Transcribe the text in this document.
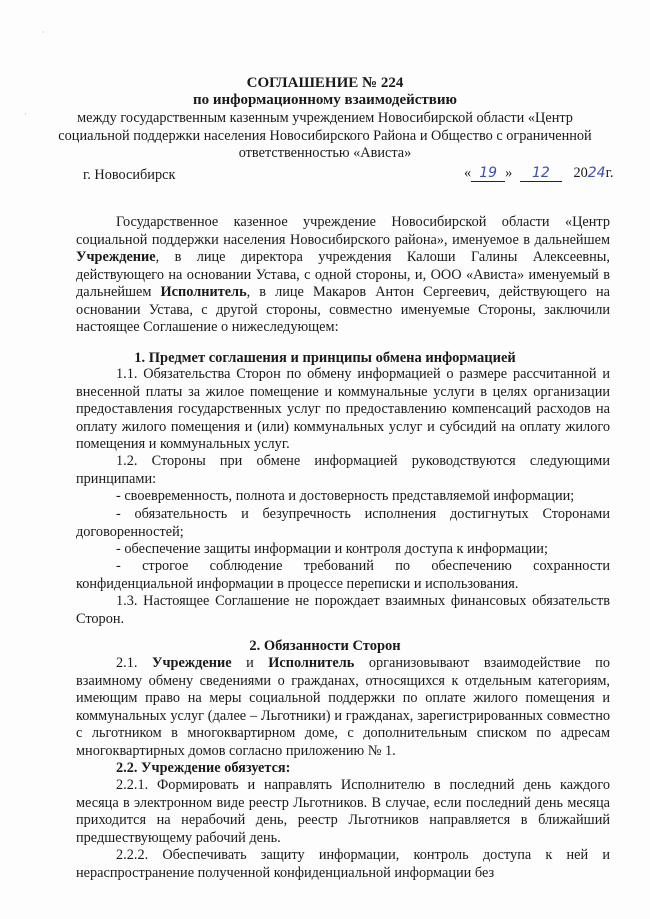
·
·
СОГЛАШЕНИЕ № 224
по информационному взаимодействию
между государственным казенным учреждением Новосибирской области «Центр
социальной поддержки населения Новосибирского Района и Общество с ограниченной
ответственностью «Ависта»
г. Новосибирск	« 19 » 12 2024г.
Государственное казенное учреждение Новосибирской области «Центр социальной поддержки населения Новосибирского района», именуемое в дальнейшем Учреждение, в лице директора учреждения Калоши Галины Алексеевны, действующего на основании Устава, с одной стороны, и, ООО «Ависта» именуемый в дальнейшем Исполнитель, в лице Макаров Антон Сергеевич, действующего на основании Устава, с другой стороны, совместно именуемые Стороны, заключили настоящее Соглашение о нижеследующем:
1. Предмет соглашения и принципы обмена информацией
1.1. Обязательства Сторон по обмену информацией о размере рассчитанной и внесенной платы за жилое помещение и коммунальные услуги в целях организации предоставления государственных услуг по предоставлению компенсаций расходов на оплату жилого помещения и (или) коммунальных услуг и субсидий на оплату жилого помещения и коммунальных услуг.
1.2. Стороны при обмене информацией руководствуются следующими принципами:
- своевременность, полнота и достоверность представляемой информации;
- обязательность и безупречность исполнения достигнутых Сторонами договоренностей;
- обеспечение защиты информации и контроля доступа к информации;
- строгое соблюдение требований по обеспечению сохранности конфиденциальной информации в процессе переписки и использования.
1.3. Настоящее Соглашение не порождает взаимных финансовых обязательств Сторон.
2. Обязанности Сторон
2.1. Учреждение и Исполнитель организовывают взаимодействие по взаимному обмену сведениями о гражданах, относящихся к отдельным категориям, имеющим право на меры социальной поддержки по оплате жилого помещения и коммунальных услуг (далее – Льготники) и гражданах, зарегистрированных совместно с льготником в многоквартирном доме, с дополнительным списком по адресам многоквартирных домов согласно приложению № 1.
2.2. Учреждение обязуется:
2.2.1. Формировать и направлять Исполнителю в последний день каждого месяца в электронном виде реестр Льготников. В случае, если последний день месяца приходится на нерабочий день, реестр Льготников направляется в ближайший предшествующему рабочий день.
2.2.2. Обеспечивать защиту информации, контроль доступа к ней и нераспространение полученной конфиденциальной информации без
